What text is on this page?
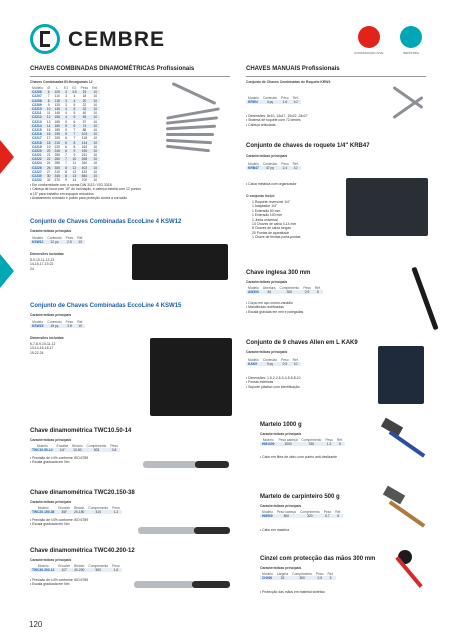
CEMBRE
CONSTRUÇÃO CIVIL	INDÚSTRIA
CHAVES COMBINADAS DINAMOMÉTRICAS Profissionais
Chaves Combinadas Bi-Hexagonais 12
Modelo	Ø	L	E1	E2	Peso	Ref.
C2206	6	105	3	3.5	15	10
C2207	7	110	3	4	18	10
C2208	8	118	3	4	20	10
C2209	9	125	3	5	22	10
C2210	10	135	4	5	32	10
C2211	11	145	4	5	40	10
C2212	12	155	4	6	45	10
C2213	13	165	5	6	57	10
C2214	14	180	5	6	74	10
C2215	15	185	5	7	88	10
C2216	16	195	5	7	103	10
C2217	17	205	6	7	118	10
C2218	18	215	6	8	144	10
C2219	19	225	6	8	162	10
C2220	20	245	6	9	190	10
C2221	21	255	7	9	231	10
C2222	22	265	7	10	266	10
C2224	24	285	7	11	340	10
C2226	26	305	8	12	402	10
C2227	27	310	8	12	432	10
C2230	30	345	8	13	584	10
C2232	32	370	9	14	700	10
• Em conformidade com a norma DIN 3113 / ISO 3318
• Cabeça de boca com 15° de inclinação, e cabeça estrela com 12 pontos
a 15° para trabalho em espaços reduzidos
• Acabamento cromado e polido para proteção contra a corrosão
Conjunto de Chaves Combinadas EccoLine 4 KSW12
Características principais
Modelo	Conteúdo	Peso	Ref.
KSW12	12 pç	2.5	10
Dimensões incluídas
8-9-10-11-12-13
14-15-17-19-22
24
Conjunto de Chaves Combinadas EccoLine 4 KSW15
Características principais
Modelo	Conteúdo	Peso	Ref.
KSW15	15 pç	3.8	10
Dimensões incluídas
6-7-8-9-10-11-12
13-14-15-16-17
19-22-24
Chave dinamométrica TWC10.50-14
Características principais
Modelo	Encaixe	Binário	Comprimento	Peso
TWC10.50-14	1/4"	10-50	305	0.8
• Precisão de ±4% conforme ISO 6789
• Escala graduada em Nm
Chave dinamométrica TWC20.150-38
Características principais
Modelo	Encaixe	Binário	Comprimento	Peso
TWC20.150-38	3/8"	20-150	410	1.2
• Precisão de ±4% conforme ISO 6789
• Escala graduada em Nm
Chave dinamométrica TWC40.200-12
Características principais
Modelo	Encaixe	Binário	Comprimento	Peso
TWC40.200-12	1/2"	40-200	500	1.6
• Precisão de ±4% conforme ISO 6789
• Escala graduada em Nm
CHAVES MANUAIS Profissionais
Conjunto de Chaves Combinadas de Roquete KRW4
Modelo	Conteúdo	Peso	Ref.
KRW4	4 pç	1.6	10
• Dimensões: 8x10, 13x17, 19x22, 24x27
• Sistema de roquete com 72 dentes
• Cabeça articulada
Conjunto de chaves de roquete 1/4" KRB47
Características principais
Modelo	Conteúdo	Peso	Ref.
KRB47	47 pç	2.4	10
• Caixa metálica com organizador
O conjunto inclui:
1 Roquete reversível 1/4"
1 Adaptador 1/4"
1 Extensão 50 mm
1 Extensão 100 mm
1 Junta universal
13 Chaves de caixa 4-14 mm
8 Chaves de caixa longas
20 Pontas de aparafusar
1 Chave de fendas porta-pontas
Chave inglesa 300 mm
Características principais
Modelo	Abertura	Comprimento	Peso	Ref.
AW300	34	300	0.9	5
• Corpo em aço cromo-vanádio
• Mandíbulas rectificadas
• Escala gravada em mm e polegadas
Conjunto de 9 chaves Allen em L KAK9
Características principais
Modelo	Conteúdo	Peso	Ref.
KAK9	9 pç	0.5	10
• Dimensões: 1.5-2-2.5-3-4-5-6-8-10
• Pontas esféricas
• Suporte plástico com identificação
Martelo 1000 g
Características principais
Modelo	Peso cabeça	Comprimento	Peso	Ref.
HM1000	1000	330	1.2	5
• Cabo em fibra de vidro com punho anti-deslizante
Martelo de carpinteiro 500 g
Características principais
Modelo	Peso cabeça	Comprimento	Peso	Ref.
HM500	500	320	0.7	5
• Cabo em madeira
Cinzel com protecção das mãos 300 mm
Características principais
Modelo	Largura	Comprimento	Peso	Ref.
CH300	25	300	0.5	5
• Protecção das mãos em material sintético
120
